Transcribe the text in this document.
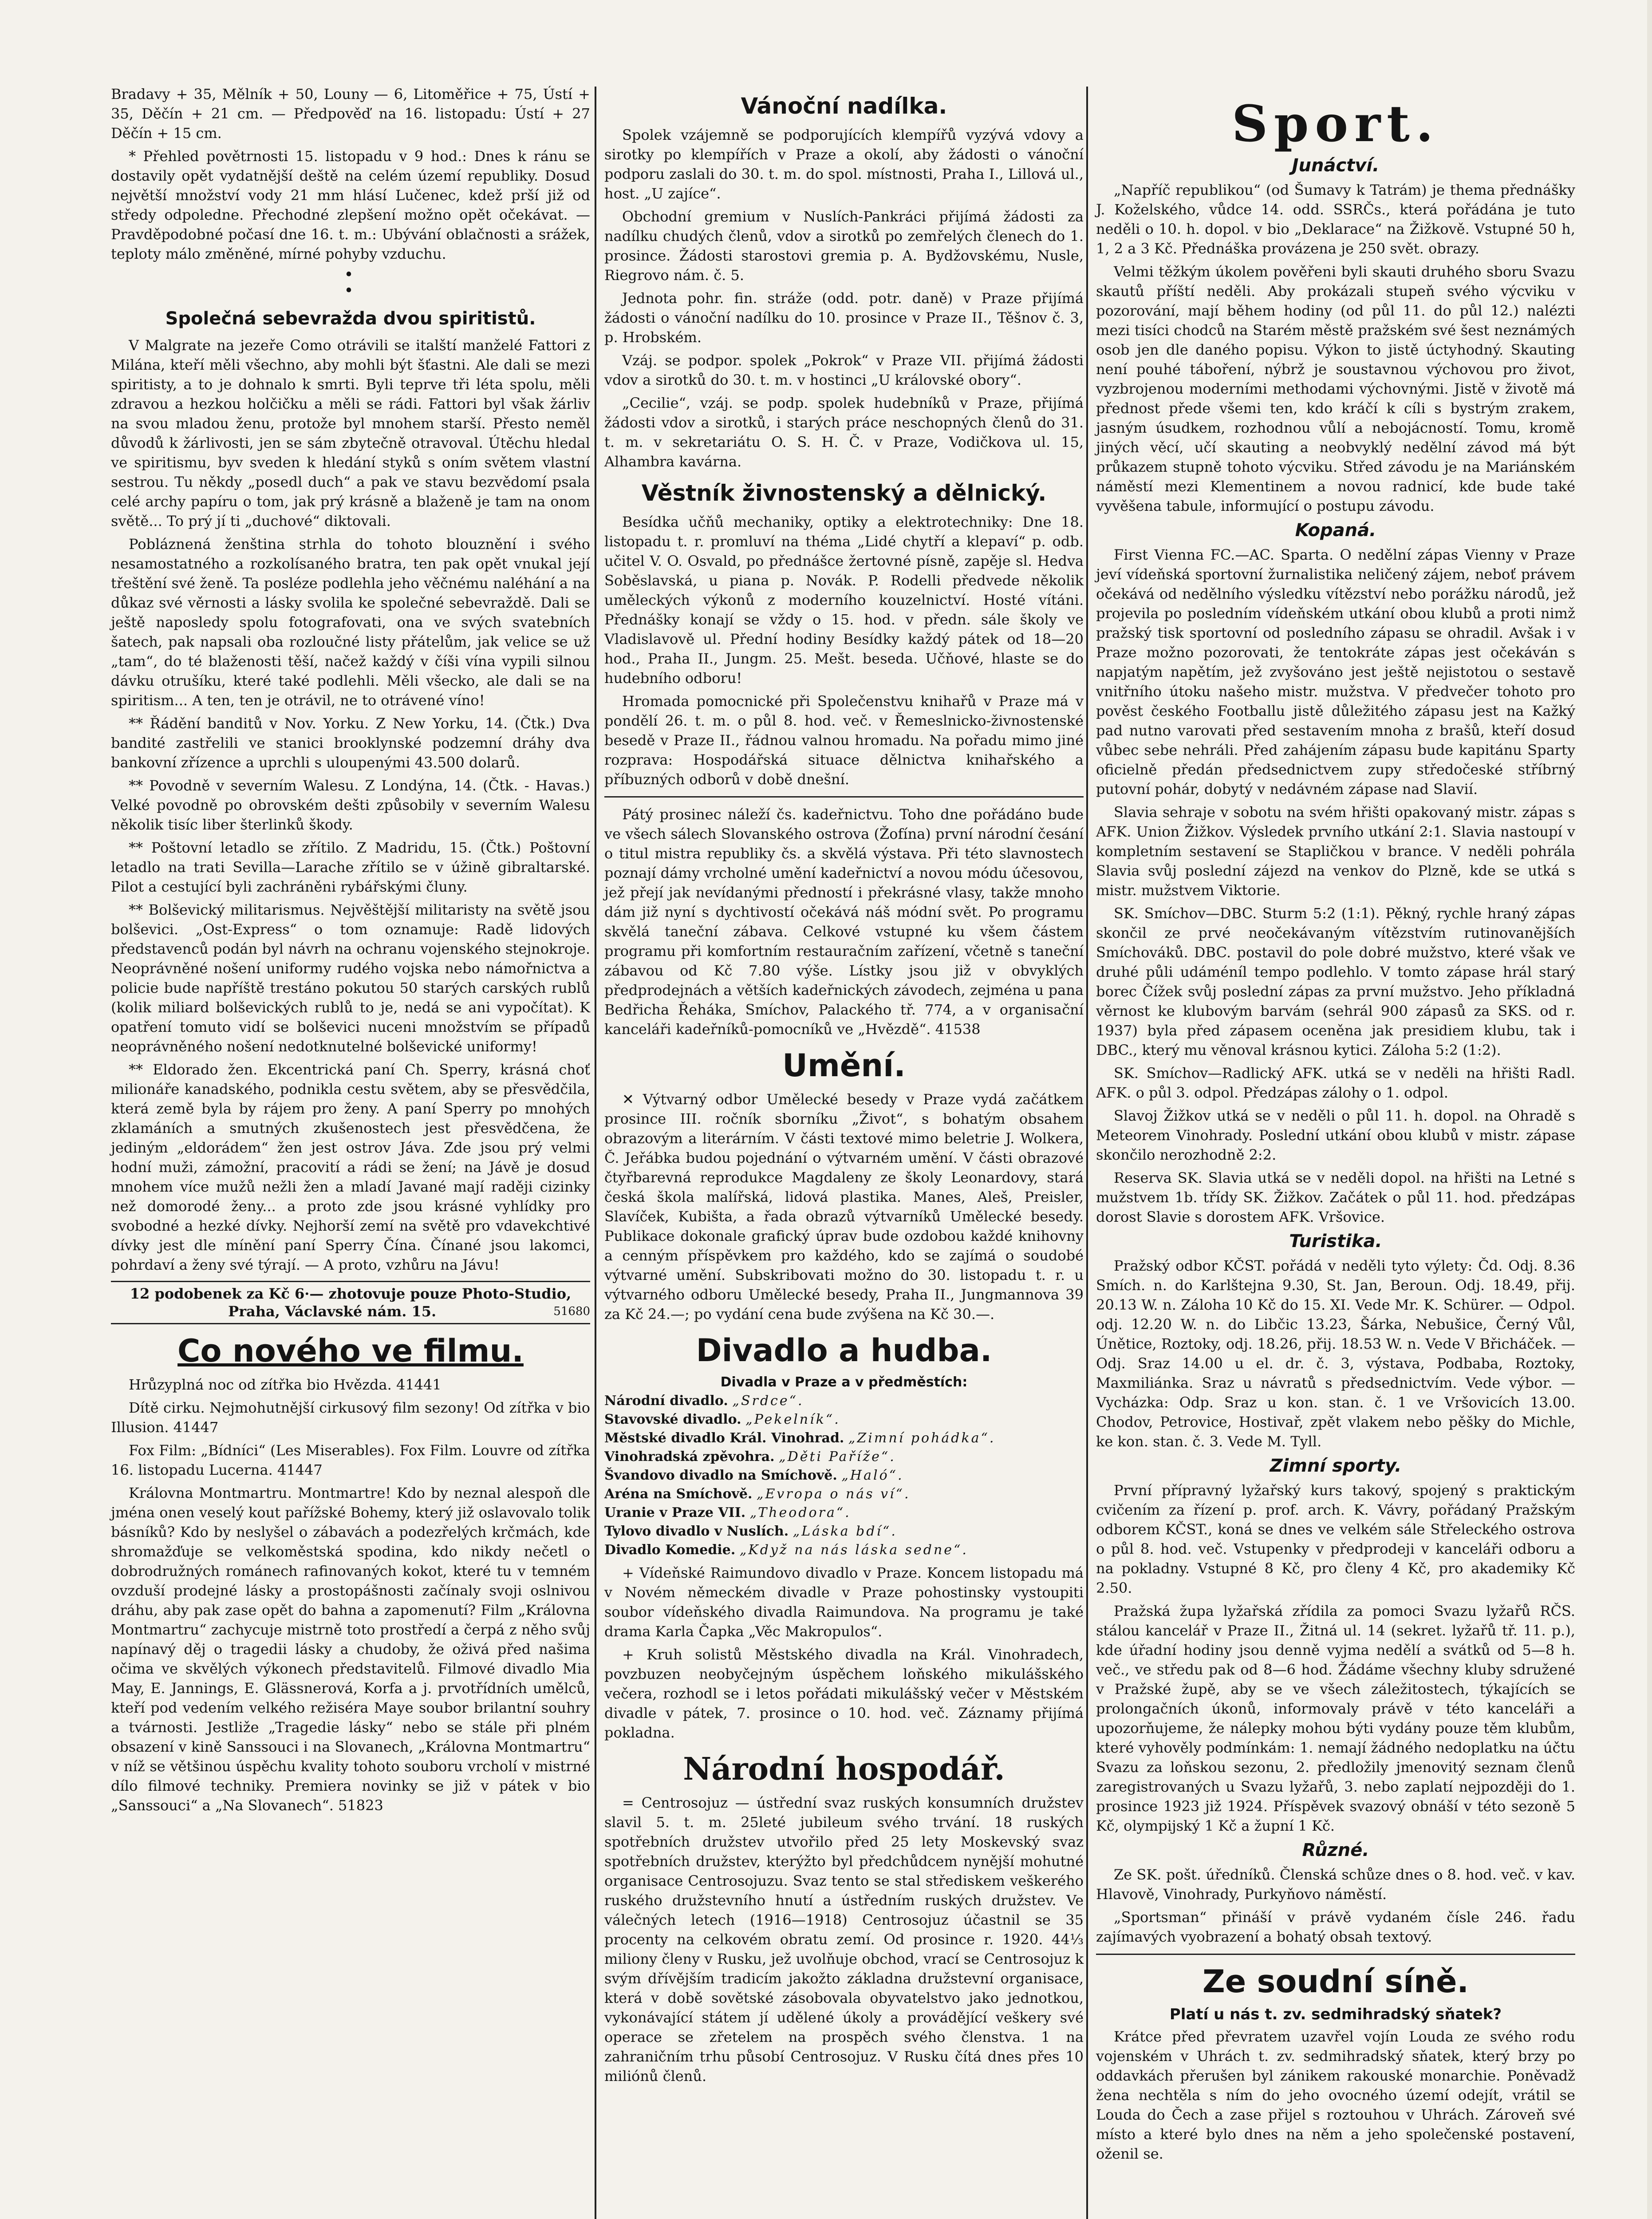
Bradavy + 35, Mělník + 50, Louny — 6, Litoměřice + 75, Ústí + 35, Děčín + 21 cm. — Předpověď na 16. listopadu: Ústí + 27 Děčín + 15 cm.

* Přehled povětrnosti 15. listopadu v 9 hod.: Dnes k ránu se dostavily opět vydatnější deště na celém území republiky. Dosud největší množství vody 21 mm hlásí Lučenec, kdež prší již od středy odpoledne. Přechodné zlepšení možno opět očekávat. — Pravděpodobné počasí dne 16. t. m.: Ubývání oblačnosti a srážek, teploty málo změněné, mírné pohyby vzduchu.

•
•
Společná sebevražda dvou spiritistů.

V Malgrate na jezeře Como otrávili se italští manželé Fattori z Milána, kteří měli všechno, aby mohli být šťastni. Ale dali se mezi spiritisty, a to je dohnalo k smrti. Byli teprve tři léta spolu, měli zdravou a hezkou holčičku a měli se rádi. Fattori byl však žárliv na svou mladou ženu, protože byl mnohem starší. Přesto neměl důvodů k žárlivosti, jen se sám zbytečně otravoval. Útěchu hledal ve spiritismu, byv sveden k hledání styků s oním světem vlastní sestrou. Tu někdy „posedl duch“ a pak ve stavu bezvědomí psala celé archy papíru o tom, jak prý krásně a blaženě je tam na onom světě... To prý jí ti „duchové“ diktovali.

Pobláznená ženština strhla do tohoto blouznění i svého nesamostatného a rozkolísaného bratra, ten pak opět vnukal její třeštění své ženě. Ta posléze podlehla jeho věčnému naléhání a na důkaz své věrnosti a lásky svolila ke společné sebevraždě. Dali se ještě naposledy spolu fotografovati, ona ve svých svatebních šatech, pak napsali oba rozloučné listy přátelům, jak velice se už „tam“, do té blaženosti těší, načež každý v číši vína vypili silnou dávku otrušíku, které také podlehli. Měli všecko, ale dali se na spiritism... A ten, ten je otrávil, ne to otrávené víno!

** Řádění banditů v Nov. Yorku. Z New Yorku, 14. (Čtk.) Dva bandité zastřelili ve stanici brooklynské podzemní dráhy dva bankovní zřízence a uprchli s uloupenými 43.500 dolarů.

** Povodně v severním Walesu. Z Londýna, 14. (Čtk. - Havas.) Velké povodně po obrovském dešti způsobily v severním Walesu několik tisíc liber šterlinků škody.

** Poštovní letadlo se zřítilo. Z Madridu, 15. (Čtk.) Poštovní letadlo na trati Sevilla—Larache zřítilo se v úžině gibraltarské. Pilot a cestující byli zachráněni rybářskými čluny.

** Bolševický militarismus. Nejvěštější militaristy na světě jsou bolševici. „Ost-Express“ o tom oznamuje: Radě lidových představenců podán byl návrh na ochranu vojenského stejnokroje. Neoprávněné nošení uniformy rudého vojska nebo námořnictva a policie bude napříště trestáno pokutou 50 starých carských rublů (kolik miliard bolševických rublů to je, nedá se ani vypočítat). K opatření tomuto vidí se bolševici nuceni množstvím se případů neoprávněného nošení nedotknutelné bolševické uniformy!

** Eldorado žen. Ekcentrická paní Ch. Sperry, krásná choť milionáře kanadského, podnikla cestu světem, aby se přesvědčila, která země byla by rájem pro ženy. A paní Sperry po mnohých zklamáních a smutných zkušenostech jest přesvědčena, že jediným „eldorádem“ žen jest ostrov Jáva. Zde jsou prý velmi hodní muži, zámožní, pracovití a rádi se žení; na Jávě je dosud mnohem více mužů nežli žen a mladí Javané mají raději cizinky než domorodé ženy... a proto zde jsou krásné vyhlídky pro svobodné a hezké dívky. Nejhorší zemí na světě pro vdavekchtivé dívky jest dle mínění paní Sperry Čína. Čínané jsou lakomci, pohrdaví a ženy své týrají. — A proto, vzhůru na Jávu!

12 podobenek za Kč 6·— zhotovuje pouze Photo-Studio, Praha, Václavské nám. 15.	51680
Co nového ve filmu.

Hrůzyplná noc od zítřka bio Hvězda. 41441

Dítě cirku. Nejmohutnější cirkusový film sezony! Od zítřka v bio Illusion. 41447

Fox Film: „Bídníci“ (Les Miserables). Fox Film. Louvre od zítřka 16. listopadu Lucerna. 41447

Královna Montmartru. Montmartre! Kdo by neznal alespoň dle jména onen veselý kout pařížské Bohemy, který již oslavovalo tolik básníků? Kdo by neslyšel o zábavách a podezřelých krčmách, kde shromažďuje se velkoměstská spodina, kdo nikdy nečetl o dobrodružných románech rafinovaných kokot, které tu v temném ovzduší prodejné lásky a prostopášnosti začínaly svoji oslnivou dráhu, aby pak zase opět do bahna a zapomenutí? Film „Královna Montmartru“ zachycuje mistrně toto prostředí a čerpá z něho svůj napínavý děj o tragedii lásky a chudoby, že oživá před našima očima ve skvělých výkonech představitelů. Filmové divadlo Mia May, E. Jannings, E. Glässnerová, Korfa a j. prvotřídních umělců, kteří pod vedením velkého režiséra Maye soubor brilantní souhry a tvárnosti. Jestliže „Tragedie lásky“ nebo se stále při plném obsazení v kině Sanssouci i na Slovanech, „Královna Montmartru“ v níž se většinou úspěchu kvality tohoto souboru vrcholí v mistrné dílo filmové techniky. Premiera novinky se již v pátek v bio „Sanssouci“ a „Na Slovanech“. 51823

Vánoční nadílka.

Spolek vzájemně se podporujících klempířů vyzývá vdovy a sirotky po klempířích v Praze a okolí, aby žádosti o vánoční podporu zaslali do 30. t. m. do spol. místnosti, Praha I., Lillová ul., host. „U zajíce“.

Obchodní gremium v Nuslích-Pankráci přijímá žádosti za nadílku chudých členů, vdov a sirotků po zemřelých členech do 1. prosince. Žádosti starostovi gremia p. A. Bydžovskému, Nusle, Riegrovo nám. č. 5.

Jednota pohr. fin. stráže (odd. potr. daně) v Praze přijímá žádosti o vánoční nadílku do 10. prosince v Praze II., Těšnov č. 3, p. Hrobském.

Vzáj. se podpor. spolek „Pokrok“ v Praze VII. přijímá žádosti vdov a sirotků do 30. t. m. v hostinci „U královské obory“.

„Cecilie“, vzáj. se podp. spolek hudebníků v Praze, přijímá žádosti vdov a sirotků, i starých práce neschopných členů do 31. t. m. v sekretariátu O. S. H. Č. v Praze, Vodičkova ul. 15, Alhambra kavárna.

Věstník živnostenský a dělnický.

Besídka učňů mechaniky, optiky a elektrotechniky: Dne 18. listopadu t. r. promluví na théma „Lidé chytří a klepaví“ p. odb. učitel V. O. Osvald, po přednášce žertovné písně, zapěje sl. Hedva Soběslavská, u piana p. Novák. P. Rodelli předvede několik uměleckých výkonů z moderního kouzelnictví. Hosté vítáni. Přednášky konají se vždy o 15. hod. v předn. sále školy ve Vladislavově ul. Přední hodiny Besídky každý pátek od 18—20 hod., Praha II., Jungm. 25. Mešt. beseda. Učňové, hlaste se do hudebního odboru!

Hromada pomocnické při Společenstvu knihařů v Praze má v pondělí 26. t. m. o půl 8. hod. več. v Řemeslnicko-živnostenské besedě v Praze II., řádnou valnou hromadu. Na pořadu mimo jiné rozprava: Hospodářská situace dělnictva knihařského a příbuzných odborů v době dnešní.

Pátý prosinec náleží čs. kadeřnictvu. Toho dne pořádáno bude ve všech sálech Slovanského ostrova (Žofína) první národní česání o titul mistra republiky čs. a skvělá výstava. Při této slavnostech poznají dámy vrcholné umění kadeřnictví a novou módu účesovou, jež přejí jak nevídanými předností i překrásné vlasy, takže mnoho dám již nyní s dychtivostí očekává náš módní svět. Po programu skvělá taneční zábava. Celkové vstupné ku všem částem programu při komfortním restauračním zařízení, včetně s taneční zábavou od Kč 7.80 výše. Lístky jsou již v obvyklých předprodejnách a větších kadeřnických závodech, zejména u pana Bedřicha Řeháka, Smíchov, Palackého tř. 774, a v organisační kanceláři kadeřníků-pomocníků ve „Hvězdě“. 41538

Umění.

✕ Výtvarný odbor Umělecké besedy v Praze vydá začátkem prosince III. ročník sborníku „Život“, s bohatým obsahem obrazovým a literárním. V části textové mimo beletrie J. Wolkera, Č. Jeřábka budou pojednání o výtvarném umění. V části obrazové čtyřbarevná reprodukce Magdaleny ze školy Leonardovy, stará česká škola malířská, lidová plastika. Manes, Aleš, Preisler, Slavíček, Kubišta, a řada obrazů výtvarníků Umělecké besedy. Publikace dokonale grafický úprav bude ozdobou každé knihovny a cenným příspěvkem pro každého, kdo se zajímá o soudobé výtvarné umění. Subskribovati možno do 30. listopadu t. r. u výtvarného odboru Umělecké besedy, Praha II., Jungmannova 39 za Kč 24.—; po vydání cena bude zvýšena na Kč 30.—.

Divadlo a hudba.
Divadla v Praze a v předměstích:

Národní divadlo. „Srdce“.

Stavovské divadlo. „Pekelník“.

Městské divadlo Král. Vinohrad. „Zimní pohádka“.

Vinohradská zpěvohra. „Děti Paříže“.

Švandovo divadlo na Smíchově. „Haló“.

Aréna na Smíchově. „Evropa o nás ví“.

Uranie v Praze VII. „Theodora“.

Tylovo divadlo v Nuslích. „Láska bdí“.

Divadlo Komedie. „Když na nás láska sedne“.

+ Vídeňské Raimundovo divadlo v Praze. Koncem listopadu má v Novém německém divadle v Praze pohostinsky vystoupiti soubor vídeňského divadla Raimundova. Na programu je také drama Karla Čapka „Věc Makropulos“.

+ Kruh solistů Městského divadla na Král. Vinohradech, povzbuzen neobyčejným úspěchem loňského mikulášského večera, rozhodl se i letos pořádati mikulášský večer v Městském divadle v pátek, 7. prosince o 10. hod. več. Záznamy přijímá pokladna.

Národní hospodář.

= Centrosojuz — ústřední svaz ruských konsumních družstev slavil 5. t. m. 25leté jubileum svého trvání. 18 ruských spotřebních družstev utvořilo před 25 lety Moskevský svaz spotřebních družstev, kterýžto byl předchůdcem nynější mohutné organisace Centrosojuzu. Svaz tento se stal střediskem veškerého ruského družstevního hnutí a ústředním ruských družstev. Ve válečných letech (1916—1918) Centrosojuz účastnil se 35 procenty na celkovém obratu zemí. Od prosince r. 1920. 44⅓ miliony členy v Rusku, jež uvolňuje obchod, vrací se Centrosojuz k svým dřívějším tradicím jakožto základna družstevní organisace, která v době sovětské zásobovala obyvatelstvo jako jednotkou, vykonávající státem jí udělené úkoly a provádějící veškery své operace se zřetelem na prospěch svého členstva. 1 na zahraničním trhu působí Centrosojuz. V Rusku čítá dnes přes 10 miliónů členů.

Sport.
Junáctví.

„Napříč republikou“ (od Šumavy k Tatrám) je thema přednášky J. Koželského, vůdce 14. odd. SSRČs., která pořádána je tuto neděli o 10. h. dopol. v bio „Deklarace“ na Žižkově. Vstupné 50 h, 1, 2 a 3 Kč. Přednáška provázena je 250 svět. obrazy.

Velmi těžkým úkolem pověřeni byli skauti druhého sboru Svazu skautů příští neděli. Aby prokázali stupeň svého výcviku v pozorování, mají během hodiny (od půl 11. do půl 12.) nalézti mezi tisíci chodců na Starém městě pražském své šest neznámých osob jen dle daného popisu. Výkon to jistě úctyhodný. Skauting není pouhé táboření, nýbrž je soustavnou výchovou pro život, vyzbrojenou moderními methodami výchovnými. Jistě v životě má přednost přede všemi ten, kdo kráčí k cíli s bystrým zrakem, jasným úsudkem, rozhodnou vůlí a nebojácností. Tomu, kromě jiných věcí, učí skauting a neobvyklý nedělní závod má být průkazem stupně tohoto výcviku. Střed závodu je na Mariánském náměstí mezi Klementinem a novou radnicí, kde bude také vyvěšena tabule, informující o postupu závodu.

Kopaná.

First Vienna FC.—AC. Sparta. O nedělní zápas Vienny v Praze jeví vídeňská sportovní žurnalistika neličený zájem, neboť právem očekává od nedělního výsledku vítězství nebo porážku národů, jež projevila po posledním vídeňském utkání obou klubů a proti nimž pražský tisk sportovní od posledního zápasu se ohradil. Avšak i v Praze možno pozorovati, že tentokráte zápas jest očekáván s napjatým napětím, jež zvyšováno jest ještě nejistotou o sestavě vnitřního útoku našeho mistr. mužstva. V předvečer tohoto pro pověst českého Footballu jistě důležitého zápasu jest na Kažký pad nutno varovati před sestavením mnoha z brašů, kteří dosud vůbec sebe nehráli. Před zahájením zápasu bude kapitánu Sparty oficielně předán předsednictvem zupy středočeské stříbrný putovní pohár, dobytý v nedávném zápase nad Slavií.

Slavia sehraje v sobotu na svém hřišti opakovaný mistr. zápas s AFK. Union Žižkov. Výsledek prvního utkání 2:1. Slavia nastoupí v kompletním sestavení se Stapličkou v brance. V neděli pohrála Slavia svůj poslední zájezd na venkov do Plzně, kde se utká s mistr. mužstvem Viktorie.

SK. Smíchov—DBC. Sturm 5:2 (1:1). Pěkný, rychle hraný zápas skončil ze prvé neočekávaným vítězstvím rutinovanějších Smíchováků. DBC. postavil do pole dobré mužstvo, které však ve druhé půli udáméníl tempo podlehlo. V tomto zápase hrál starý borec Čížek svůj poslední zápas za první mužstvo. Jeho příkladná věrnost ke klubovým barvám (sehrál 900 zápasů za SKS. od r. 1937) byla před zápasem oceněna jak presidiem klubu, tak i DBC., který mu věnoval krásnou kytici. Záloha 5:2 (1:2).

SK. Smíchov—Radlický AFK. utká se v neděli na hřišti Radl. AFK. o půl 3. odpol. Předzápas zálohy o 1. odpol.

Slavoj Žižkov utká se v neděli o půl 11. h. dopol. na Ohradě s Meteorem Vinohrady. Poslední utkání obou klubů v mistr. zápase skončilo nerozhodně 2:2.

Reserva SK. Slavia utká se v neděli dopol. na hřišti na Letné s mužstvem 1b. třídy SK. Žižkov. Začátek o půl 11. hod. předzápas dorost Slavie s dorostem AFK. Vršovice.

Turistika.

Pražský odbor KČST. pořádá v neděli tyto výlety: Čd. Odj. 8.36 Smích. n. do Karlštejna 9.30, St. Jan, Beroun. Odj. 18.49, přij. 20.13 W. n. Záloha 10 Kč do 15. XI. Vede Mr. K. Schürer. — Odpol. odj. 12.20 W. n. do Libčic 13.23, Šárka, Nebušice, Černý Vůl, Únětice, Roztoky, odj. 18.26, přij. 18.53 W. n. Vede V Břicháček. — Odj. Sraz 14.00 u el. dr. č. 3, výstava, Podbaba, Roztoky, Maxmiliánka. Sraz u návratů s předsednictvím. Vede výbor. — Vycházka: Odp. Sraz u kon. stan. č. 1 ve Vršovicích 13.00. Chodov, Petrovice, Hostivař, zpět vlakem nebo pěšky do Michle, ke kon. stan. č. 3. Vede M. Tyll.

Zimní sporty.

První přípravný lyžařský kurs takový, spojený s praktickým cvičením za řízení p. prof. arch. K. Vávry, pořádaný Pražským odborem KČST., koná se dnes ve velkém sále Střeleckého ostrova o půl 8. hod. več. Vstupenky v předprodeji v kanceláři odboru a na pokladny. Vstupné 8 Kč, pro členy 4 Kč, pro akademiky Kč 2.50.

Pražská župa lyžařská zřídila za pomoci Svazu lyžařů RČS. stálou kancelář v Praze II., Žitná ul. 14 (sekret. lyžařů tř. 11. p.), kde úřadní hodiny jsou denně vyjma nedělí a svátků od 5—8 h. več., ve středu pak od 8—6 hod. Žádáme všechny kluby sdružené v Pražské župě, aby se ve všech záležitostech, týkajících se prolongačních úkonů, informovaly právě v této kanceláři a upozorňujeme, že nálepky mohou býti vydány pouze těm klubům, které vyhověly podmínkám: 1. nemají žádného nedoplatku na účtu Svazu za loňskou sezonu, 2. předložily jmenovitý seznam členů zaregistrovaných u Svazu lyžařů, 3. nebo zaplatí nejpozději do 1. prosince 1923 již 1924. Příspěvek svazový obnáší v této sezoně 5 Kč, olympijský 1 Kč a župní 1 Kč.

Různé.

Ze SK. pošt. úředníků. Členská schůze dnes o 8. hod. več. v kav. Hlavově, Vinohrady, Purkyňovo náměstí.

„Sportsman“ přináší v právě vydaném čísle 246. řadu zajímavých vyobrazení a bohatý obsah textový.

Ze soudní síně.
Platí u nás t. zv. sedmihradský sňatek?

Krátce před převratem uzavřel vojín Louda ze svého rodu vojenském v Uhrách t. zv. sedmihradský sňatek, který brzy po oddavkách přerušen byl zánikem rakouské monarchie. Poněvadž žena nechtěla s ním do jeho ovocného území odejít, vrátil se Louda do Čech a zase přijel s roztouhou v Uhrách. Zároveň své místo a které bylo dnes na něm a jeho společenské postavení, oženil se.
